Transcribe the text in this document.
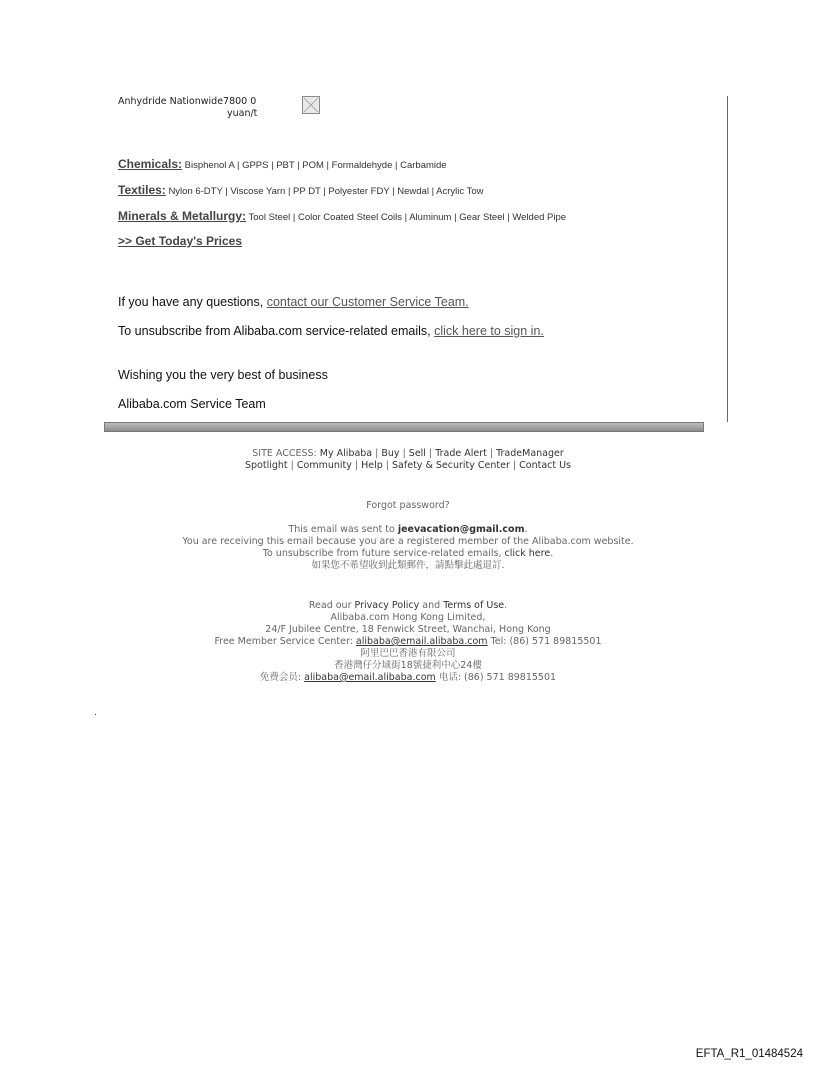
Anhydride Nationwide7800 0
yuan/t
Chemicals: Bisphenol A | GPPS | PBT | POM | Formaldehyde | Carbamide
Textiles: Nylon 6-DTY | Viscose Yarn | PP DT | Polyester FDY | Newdal | Acrylic Tow
Minerals & Metallurgy: Tool Steel | Color Coated Steel Coils | Aluminum | Gear Steel | Welded Pipe
>> Get Today's Prices
If you have any questions, contact our Customer Service Team.
To unsubscribe from Alibaba.com service-related emails, click here to sign in.
Wishing you the very best of business
Alibaba.com Service Team
SITE ACCESS: My Alibaba | Buy | Sell | Trade Alert | TradeManager
Spotlight | Community | Help | Safety & Security Center | Contact Us
Forgot password?
This email was sent to jeevacation@gmail.com.
You are receiving this email because you are a registered member of the Alibaba.com website.
To unsubscribe from future service-related emails, click here.
如果您不希望收到此類郵件，請點擊此處退訂.
Read our Privacy Policy and Terms of Use.
Alibaba.com Hong Kong Limited,
24/F Jubilee Centre, 18 Fenwick Street, Wanchai, Hong Kong
Free Member Service Center: alibaba@email.alibaba.com Tel: (86) 571 89815501
阿里巴巴香港有限公司
香港灣仔分域街18號捷利中心24樓
免费会员: alibaba@email.alibaba.com 电话: (86) 571 89815501
EFTA_R1_01484524
